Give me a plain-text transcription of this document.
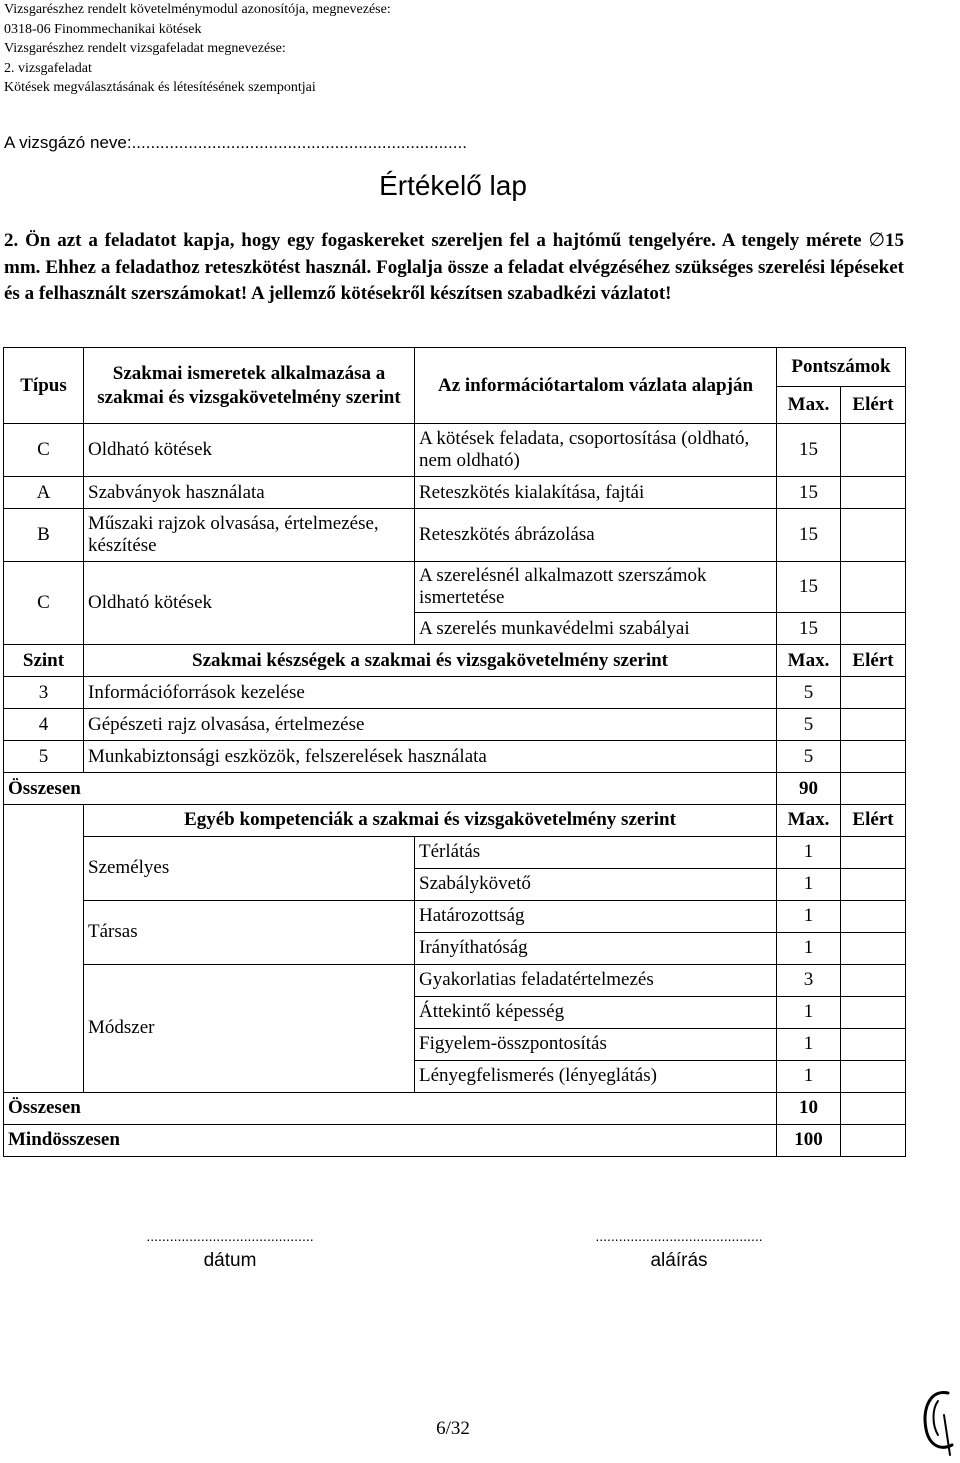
Vizsgarészhez rendelt követelménymodul azonosítója, megnevezése:
0318-06 Finommechanikai kötések
Vizsgarészhez rendelt vizsgafeladat megnevezése:
2. vizsgafeladat
Kötések megválasztásának és létesítésének szempontjai
A vizsgázó neve:.......................................................................
Értékelő lap
2. Ön azt a feladatot kapja, hogy egy fogaskereket szereljen fel a hajtómű tengelyére. A tengely mérete ∅15 mm. Ehhez a feladathoz reteszkötést használ. Foglalja össze a feladat elvégzéséhez szükséges szerelési lépéseket és a felhasznált szerszámokat! A jellemző kötésekről készítsen szabadkézi vázlatot!
Típus	Szakmai ismeretek alkalmazása a szakmai és vizsgakövetelmény szerint	Az információtartalom vázlata alapján	Pontszámok	
			Max.	Elért
C	Oldható kötések	A kötések feladata, csoportosítása (oldható, nem oldható)	15	
A	Szabványok használata	Reteszkötés kialakítása, fajtái	15	
B	Műszaki rajzok olvasása, értelmezése, készítése	Reteszkötés ábrázolása	15	
C	Oldható kötések	A szerelésnél alkalmazott szerszámok ismertetése	15	
		A szerelés munkavédelmi szabályai	15	
Szint	Szakmai készségek a szakmai és vizsgakövetelmény szerint		Max.	Elért
3	Információforrások kezelése		5	
4	Gépészeti rajz olvasása, értelmezése		5	
5	Munkabiztonsági eszközök, felszerelések használata		5	
Összesen			90	
	Egyéb kompetenciák a szakmai és vizsgakövetelmény szerint		Max.	Elért
	Személyes	Térlátás	1	
		Szabálykövető	1	
	Társas	Határozottság	1	
		Irányíthatóság	1	
	Módszer	Gyakorlatias feladatértelmezés	3	
		Áttekintő képesség	1	
		Figyelem-összpontosítás	1	
		Lényegfelismerés (lényeglátás)	1	
Összesen			10	
Mindösszesen			100	
...........................................
dátum
...........................................
aláírás
6/32
